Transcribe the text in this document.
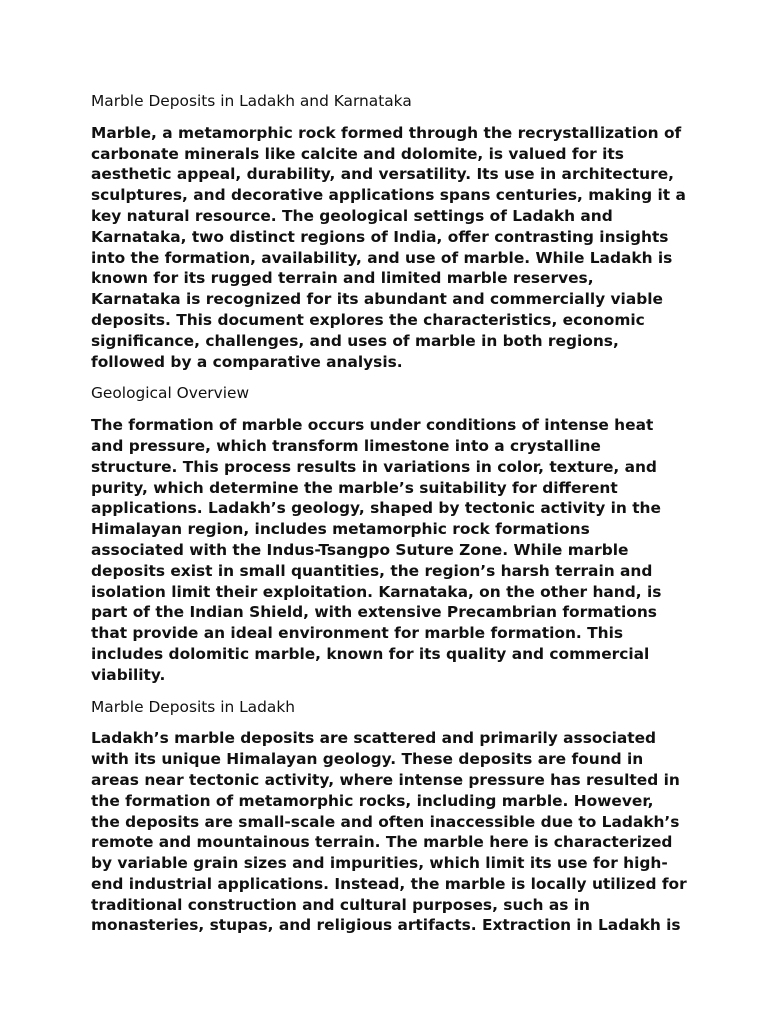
Marble Deposits in Ladakh and Karnataka
Marble, a metamorphic rock formed through the recrystallization of carbonate minerals like calcite and dolomite, is valued for its aesthetic appeal, durability, and versatility. Its use in architecture, sculptures, and decorative applications spans centuries, making it a key natural resource. The geological settings of Ladakh and Karnataka, two distinct regions of India, offer contrasting insights into the formation, availability, and use of marble. While Ladakh is known for its rugged terrain and limited marble reserves, Karnataka is recognized for its abundant and commercially viable deposits. This document explores the characteristics, economic significance, challenges, and uses of marble in both regions, followed by a comparative analysis.
Geological Overview
The formation of marble occurs under conditions of intense heat and pressure, which transform limestone into a crystalline structure. This process results in variations in color, texture, and purity, which determine the marble’s suitability for different applications. Ladakh’s geology, shaped by tectonic activity in the Himalayan region, includes metamorphic rock formations associated with the Indus-Tsangpo Suture Zone. While marble deposits exist in small quantities, the region’s harsh terrain and isolation limit their exploitation. Karnataka, on the other hand, is part of the Indian Shield, with extensive Precambrian formations that provide an ideal environment for marble formation. This includes dolomitic marble, known for its quality and commercial viability.
Marble Deposits in Ladakh
Ladakh’s marble deposits are scattered and primarily associated with its unique Himalayan geology. These deposits are found in areas near tectonic activity, where intense pressure has resulted in the formation of metamorphic rocks, including marble. However, the deposits are small-scale and often inaccessible due to Ladakh’s remote and mountainous terrain. The marble here is characterized by variable grain sizes and impurities, which limit its use for high-end industrial applications. Instead, the marble is locally utilized for traditional construction and cultural purposes, such as in monasteries, stupas, and religious artifacts. Extraction in Ladakh is
